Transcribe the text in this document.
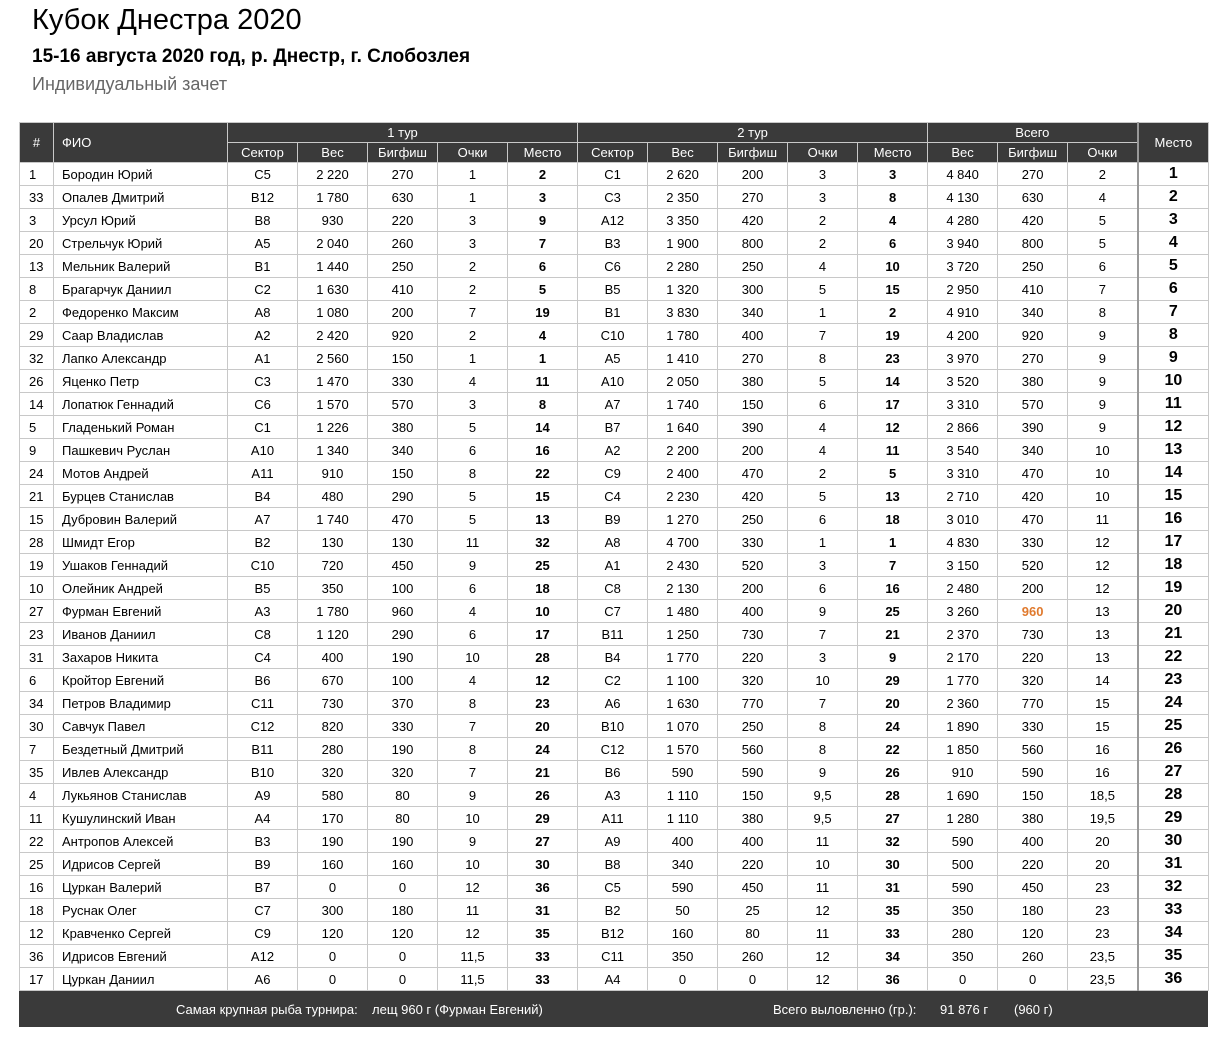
Кубок Днестра 2020
15-16 августа 2020 год, р. Днестр, г. Слобозлея
Индивидуальный зачет
#	ФИО	1 тур					2 тур					Всего			Место
		Сектор	Вес	Бигфиш	Очки	Место	Сектор	Вес	Бигфиш	Очки	Место	Вес	Бигфиш	Очки	
1	Бородин Юрий	C5	2 220	270	1	2	C1	2 620	200	3	3	4 840	270	2	1
33	Опалев Дмитрий	B12	1 780	630	1	3	C3	2 350	270	3	8	4 130	630	4	2
3	Урсул Юрий	B8	930	220	3	9	A12	3 350	420	2	4	4 280	420	5	3
20	Стрельчук Юрий	A5	2 040	260	3	7	B3	1 900	800	2	6	3 940	800	5	4
13	Мельник Валерий	B1	1 440	250	2	6	C6	2 280	250	4	10	3 720	250	6	5
8	Брагарчук Даниил	C2	1 630	410	2	5	B5	1 320	300	5	15	2 950	410	7	6
2	Федоренко Максим	A8	1 080	200	7	19	B1	3 830	340	1	2	4 910	340	8	7
29	Саар Владислав	A2	2 420	920	2	4	C10	1 780	400	7	19	4 200	920	9	8
32	Лапко Александр	A1	2 560	150	1	1	A5	1 410	270	8	23	3 970	270	9	9
26	Яценко Петр	C3	1 470	330	4	11	A10	2 050	380	5	14	3 520	380	9	10
14	Лопатюк Геннадий	C6	1 570	570	3	8	A7	1 740	150	6	17	3 310	570	9	11
5	Гладенький Роман	C1	1 226	380	5	14	B7	1 640	390	4	12	2 866	390	9	12
9	Пашкевич Руслан	A10	1 340	340	6	16	A2	2 200	200	4	11	3 540	340	10	13
24	Мотов Андрей	A11	910	150	8	22	C9	2 400	470	2	5	3 310	470	10	14
21	Бурцев Станислав	B4	480	290	5	15	C4	2 230	420	5	13	2 710	420	10	15
15	Дубровин Валерий	A7	1 740	470	5	13	B9	1 270	250	6	18	3 010	470	11	16
28	Шмидт Егор	B2	130	130	11	32	A8	4 700	330	1	1	4 830	330	12	17
19	Ушаков Геннадий	C10	720	450	9	25	A1	2 430	520	3	7	3 150	520	12	18
10	Олейник Андрей	B5	350	100	6	18	C8	2 130	200	6	16	2 480	200	12	19
27	Фурман Евгений	A3	1 780	960	4	10	C7	1 480	400	9	25	3 260	960	13	20
23	Иванов Даниил	C8	1 120	290	6	17	B11	1 250	730	7	21	2 370	730	13	21
31	Захаров Никита	C4	400	190	10	28	B4	1 770	220	3	9	2 170	220	13	22
6	Кройтор Евгений	B6	670	100	4	12	C2	1 100	320	10	29	1 770	320	14	23
34	Петров Владимир	C11	730	370	8	23	A6	1 630	770	7	20	2 360	770	15	24
30	Савчук Павел	C12	820	330	7	20	B10	1 070	250	8	24	1 890	330	15	25
7	Бездетный Дмитрий	B11	280	190	8	24	C12	1 570	560	8	22	1 850	560	16	26
35	Ивлев Александр	B10	320	320	7	21	B6	590	590	9	26	910	590	16	27
4	Лукьянов Станислав	A9	580	80	9	26	A3	1 110	150	9,5	28	1 690	150	18,5	28
11	Кушулинский Иван	A4	170	80	10	29	A11	1 110	380	9,5	27	1 280	380	19,5	29
22	Антропов Алексей	B3	190	190	9	27	A9	400	400	11	32	590	400	20	30
25	Идрисов Сергей	B9	160	160	10	30	B8	340	220	10	30	500	220	20	31
16	Цуркан Валерий	B7	0	0	12	36	C5	590	450	11	31	590	450	23	32
18	Руснак Олег	C7	300	180	11	31	B2	50	25	12	35	350	180	23	33
12	Кравченко Сергей	C9	120	120	12	35	B12	160	80	11	33	280	120	23	34
36	Идрисов Евгений	A12	0	0	11,5	33	C11	350	260	12	34	350	260	23,5	35
17	Цуркан Даниил	A6	0	0	11,5	33	A4	0	0	12	36	0	0	23,5	36
Самая крупная рыба турнира: лещ 960 г (Фурман Евгений)	Всего выловленно (гр.): 91 876 г (960 г)
